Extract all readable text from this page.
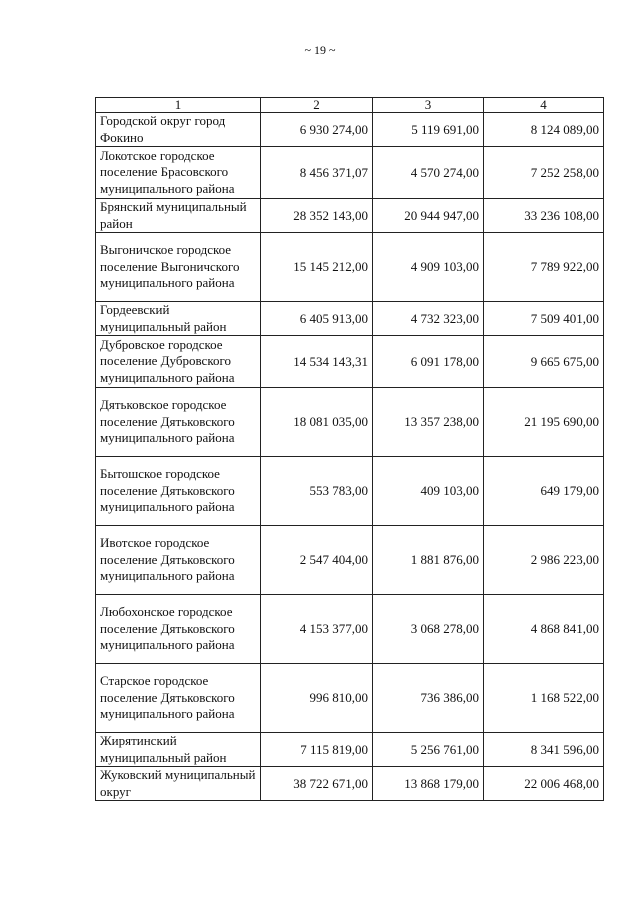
~ 19 ~
1	2	3	4
Городской округ город Фокино	6 930 274,00	5 119 691,00	8 124 089,00
Локотское городское поселение Брасовского муниципального района	8 456 371,07	4 570 274,00	7 252 258,00
Брянский муниципальный район	28 352 143,00	20 944 947,00	33 236 108,00
Выгоничское городское поселение Выгоничского муниципального района	15 145 212,00	4 909 103,00	7 789 922,00
Гордеевский муниципальный район	6 405 913,00	4 732 323,00	7 509 401,00
Дубровское городское поселение Дубровского муниципального района	14 534 143,31	6 091 178,00	9 665 675,00
Дятьковское городское поселение Дятьковского муниципального района	18 081 035,00	13 357 238,00	21 195 690,00
Бытошское городское поселение Дятьковского муниципального района	553 783,00	409 103,00	649 179,00
Ивотское городское поселение Дятьковского муниципального района	2 547 404,00	1 881 876,00	2 986 223,00
Любохонское городское поселение Дятьковского муниципального района	4 153 377,00	3 068 278,00	4 868 841,00
Старское городское поселение Дятьковского муниципального района	996 810,00	736 386,00	1 168 522,00
Жирятинский муниципальный район	7 115 819,00	5 256 761,00	8 341 596,00
Жуковский муниципальный округ	38 722 671,00	13 868 179,00	22 006 468,00
